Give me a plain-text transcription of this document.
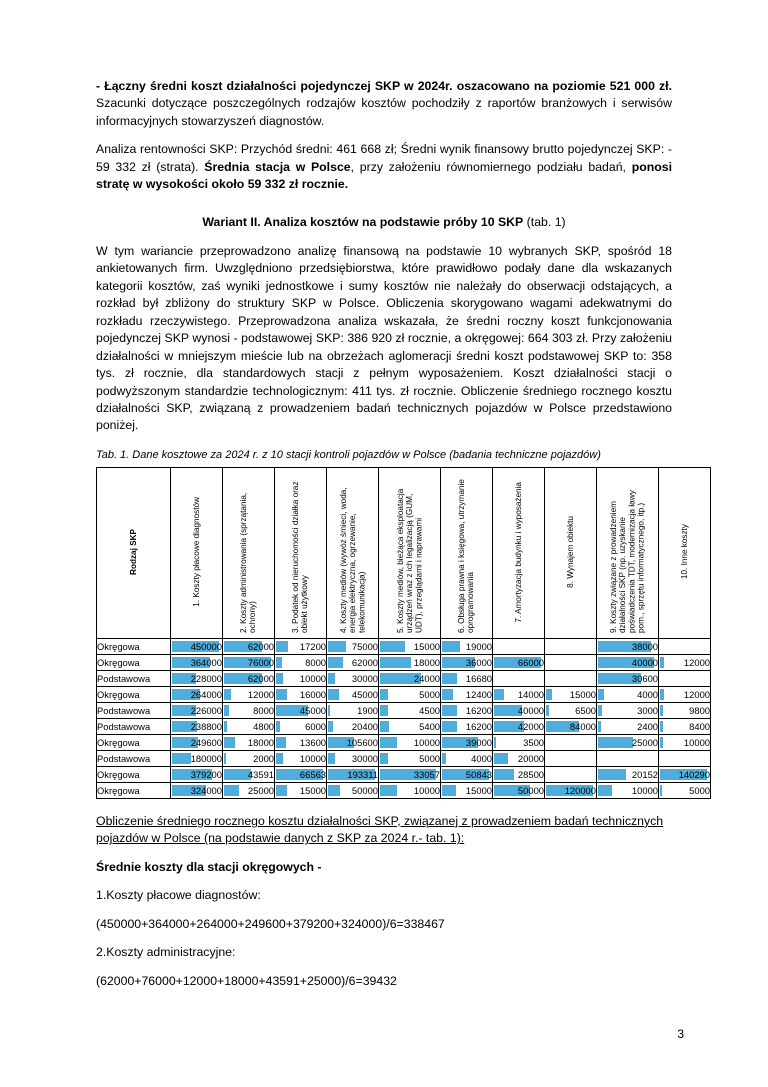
- Łączny średni koszt działalności pojedynczej SKP w 2024r. oszacowano na poziomie 521 000 zł. Szacunki dotyczące poszczególnych rodzajów kosztów pochodziły z raportów branżowych i serwisów informacyjnych stowarzyszeń diagnostów.

Analiza rentowności SKP: Przychód średni: 461 668 zł; Średni wynik finansowy brutto pojedynczej SKP: - 59 332 zł (strata). Średnia stacja w Polsce, przy założeniu równomiernego podziału badań, ponosi stratę w wysokości około 59 332 zł rocznie.

Wariant II. Analiza kosztów na podstawie próby 10 SKP (tab. 1)

W tym wariancie przeprowadzono analizę finansową na podstawie 10 wybranych SKP, spośród 18 ankietowanych firm. Uwzględniono przedsiębiorstwa, które prawidłowo podały dane dla wskazanych kategorii kosztów, zaś wyniki jednostkowe i sumy kosztów nie należały do obserwacji odstających, a rozkład był zbliżony do struktury SKP w Polsce. Obliczenia skorygowano wagami adekwatnymi do rozkładu rzeczywistego. Przeprowadzona analiza wskazała, że średni roczny koszt funkcjonowania pojedynczej SKP wynosi - podstawowej SKP: 386 920 zł rocznie, a okręgowej: 664 303 zł. Przy założeniu działalności w mniejszym mieście lub na obrzeżach aglomeracji średni koszt podstawowej SKP to: 358 tys. zł rocznie, dla standardowych stacji z pełnym wyposażeniem. Koszt działalności stacji o podwyższonym standardzie technologicznym: 411 tys. zł rocznie. Obliczenie średniego rocznego kosztu działalności SKP, związaną z prowadzeniem badań technicznych pojazdów w Polsce przedstawiono poniżej.

Tab. 1. Dane kosztowe za 2024 r. z 10 stacji kontroli pojazdów w Polsce (badania techniczne pojazdów)
Rodzaj SKP	1. Koszty płacowe diagnostów	2. Koszty administrowania (sprzątania, ochrony)	3. Podatek od nieruchomości działka oraz obiekt użytkowy	4. Koszty mediów (wywóz śmieci, woda, energia elektryczna, ogrzewanie, telekomunikacja)	5. Koszty mediów, bieżąca eksploatacja urządzeń wraz z ich legalizacją (GUM, UDT), przeglądami i naprawami	6. Obsługa prawna i księgowa, utrzymanie oprogramowania	7. Amortyzacja budynku i wyposażenia	8. Wynajem obiektu	9. Koszty związane z prowadzeniem działalności SKP (np. uzyskanie poświadczenia TDT, modernizacja ławy pom., sprzętu informatycznego, itp.)	10. Inne koszty
Okręgowa	450000	62000	17200	75000	15000	19000			38000	
Okręgowa	364000	76000	8000	62000	18000	36000	66000		40000	12000
Podstawowa	228000	62000	10000	30000	24000	16680			30600	
Okręgowa	264000	12000	16000	45000	5000	12400	14000	15000	4000	12000
Podstawowa	226000	8000	45000	1900	4500	16200	40000	6500	3000	9800
Podstawowa	238800	4800	6000	20400	5400	16200	42000	84000	2400	8400
Okręgowa	249600	18000	13600	105600	10000	39000	3500		25000	10000
Podstawowa	180000	2000	10000	30000	5000	4000	20000			
Okręgowa	379200	43591	66563	193311	33057	50843	28500		20152	140290
Okręgowa	324000	25000	15000	50000	10000	15000	50000	120000	10000	5000

Obliczenie średniego rocznego kosztu działalności SKP, związanej z prowadzeniem badań technicznych pojazdów w Polsce (na podstawie danych z SKP za 2024 r.- tab. 1):

Średnie koszty dla stacji okręgowych -

1.Koszty płacowe diagnostów:

(450000+364000+264000+249600+379200+324000)/6=338467

2.Koszty administracyjne:

(62000+76000+12000+18000+43591+25000)/6=39432

3
